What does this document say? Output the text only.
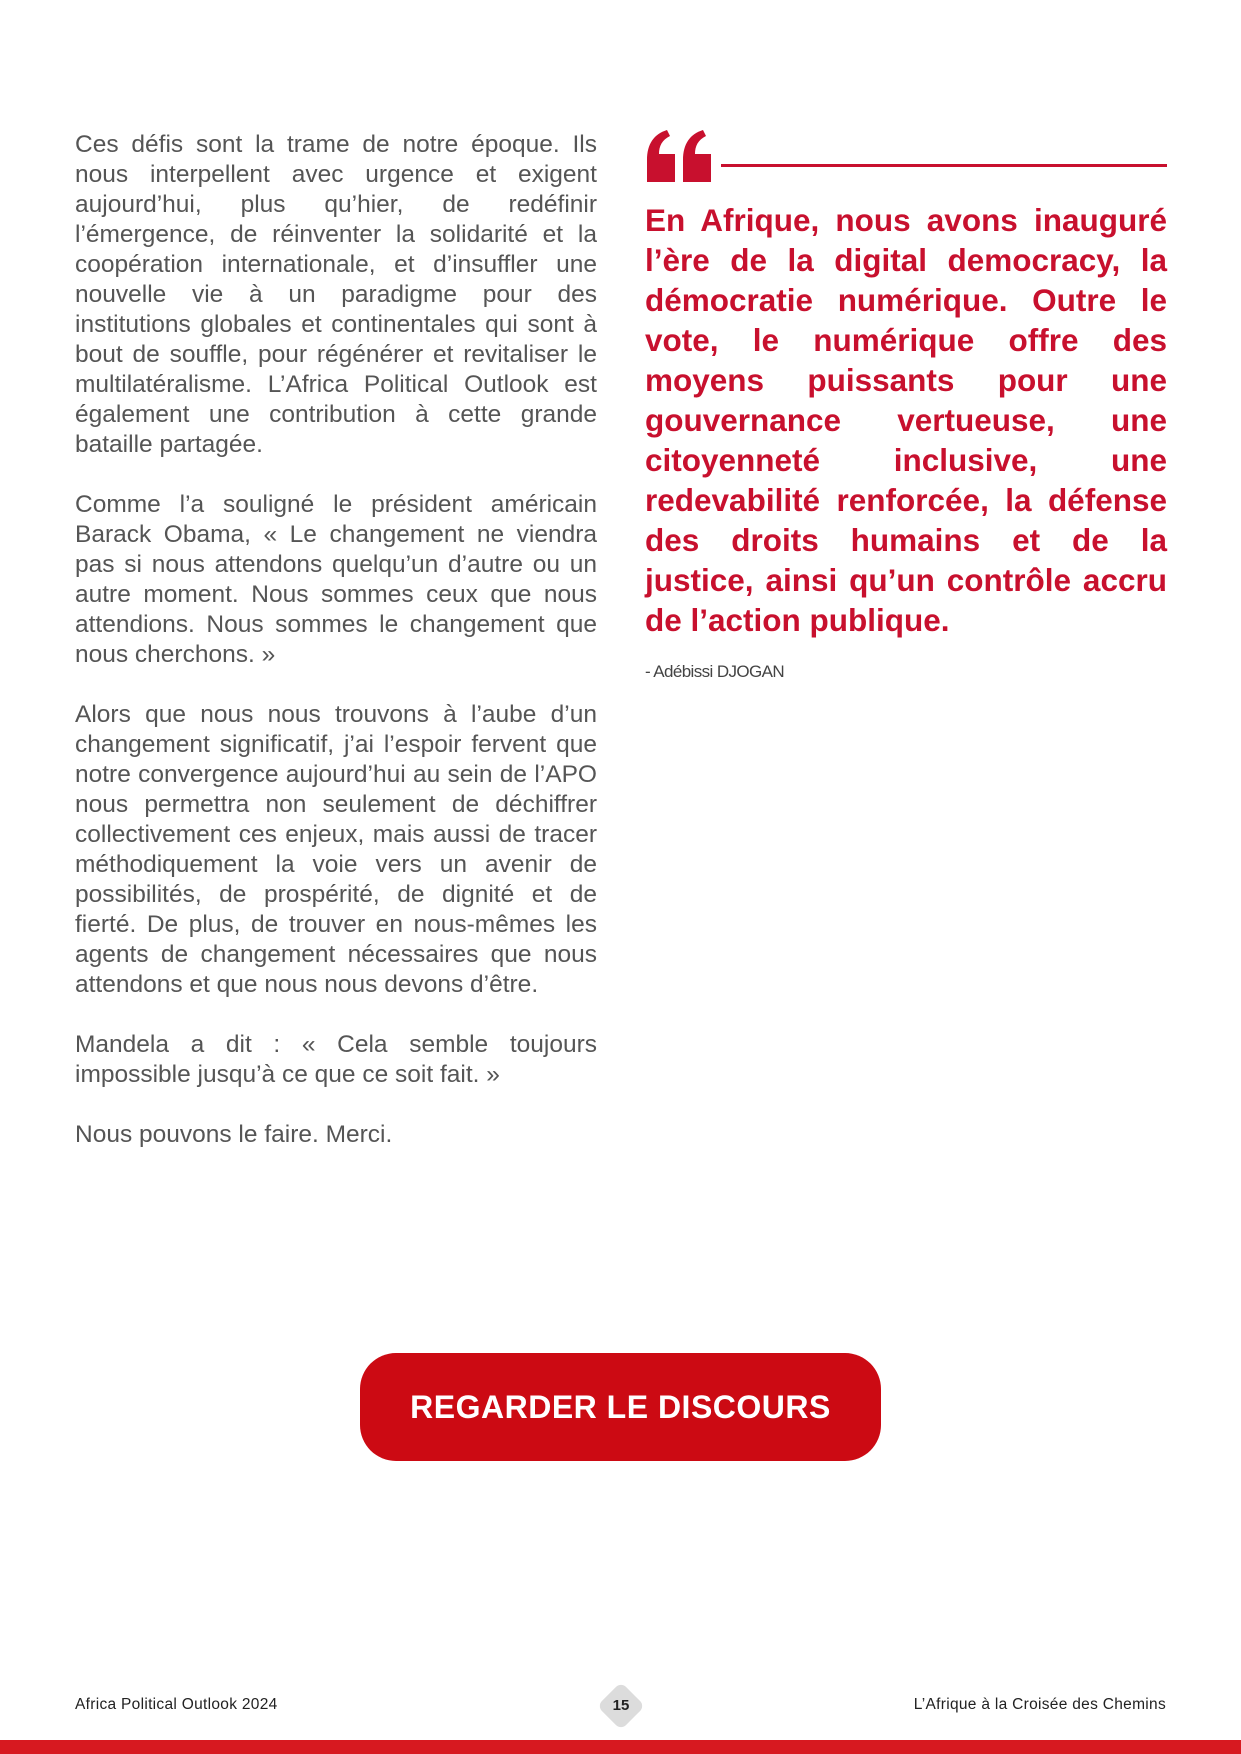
Ces défis sont la trame de notre époque. Ils nous interpellent avec urgence et exigent aujourd’hui, plus qu’hier, de redéfinir l’émergence, de réinventer la solidarité et la coopération internationale, et d’insuffler une nouvelle vie à un paradigme pour des institutions globales et continentales qui sont à bout de souffle, pour régénérer et revitaliser le multilatéralisme. L’Africa Political Outlook est également une contribution à cette grande bataille partagée.

Comme l’a souligné le président américain Barack Obama, « Le changement ne viendra pas si nous attendons quelqu’un d’autre ou un autre moment. Nous sommes ceux que nous attendions. Nous sommes le changement que nous cherchons. »

Alors que nous nous trouvons à l’aube d’un changement significatif, j’ai l’espoir fervent que notre convergence aujourd’hui au sein de l’APO nous permettra non seulement de déchiffrer collectivement ces enjeux, mais aussi de tracer méthodiquement la voie vers un avenir de possibilités, de prospérité, de dignité et de fierté. De plus, de trouver en nous-mêmes les agents de changement nécessaires que nous attendons et que nous nous devons d’être.

Mandela a dit : « Cela semble toujours impossible jusqu’à ce que ce soit fait. »

Nous pouvons le faire. Merci.

En Afrique, nous avons inauguré l’ère de la digital democracy, la démocratie numérique. Outre le vote, le numérique offre des moyens puissants pour une gouvernance vertueuse, une citoyenneté inclusive, une redevabilité renforcée, la défense des droits humains et de la justice, ainsi qu’un contrôle accru de l’action publique.

- Adébissi DJOGAN

REGARDER LE DISCOURS
Africa Political Outlook 2024	15	L’Afrique à la Croisée des Chemins
